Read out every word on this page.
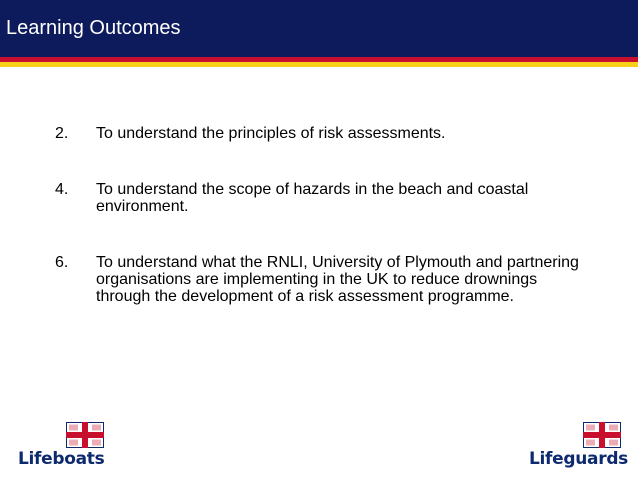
Learning Outcomes
2. To understand the principles of risk assessments.
4. To understand the scope of hazards in the beach and coastal environment.
6. To understand what the RNLI, University of Plymouth and partnering organisations are implementing in the UK to reduce drownings through the development of a risk assessment programme.
Lifeboats	Lifeguards
